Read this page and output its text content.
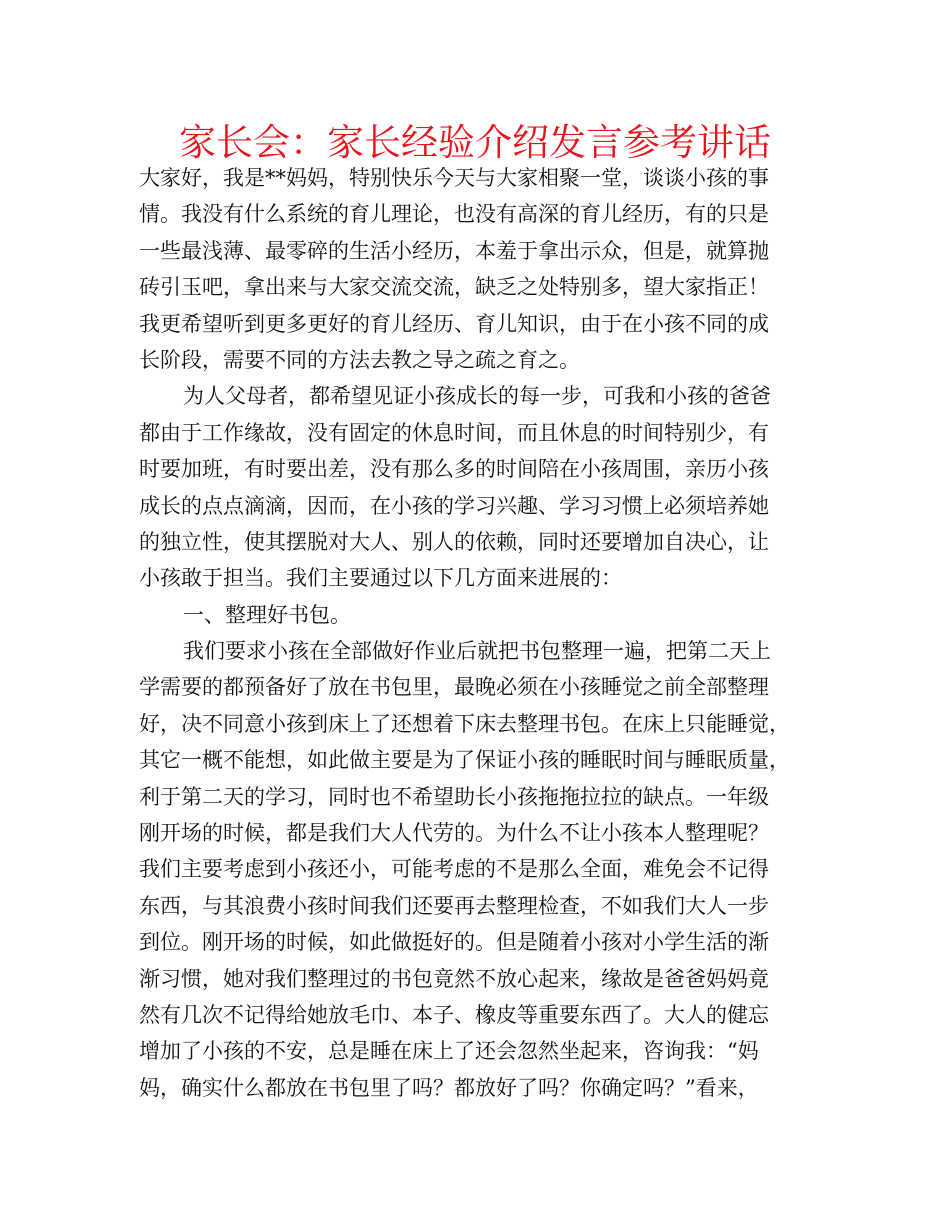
家长会：家长经验介绍发言参考讲话
大家好，我是**妈妈，特别快乐今天与大家相聚一堂，谈谈小孩的事
情。我没有什么系统的育儿理论，也没有高深的育儿经历，有的只是
一些最浅薄、最零碎的生活小经历，本羞于拿出示众，但是，就算抛
砖引玉吧，拿出来与大家交流交流，缺乏之处特别多，望大家指正！
我更希望听到更多更好的育儿经历、育儿知识，由于在小孩不同的成
长阶段，需要不同的方法去教之导之疏之育之。
为人父母者，都希望见证小孩成长的每一步，可我和小孩的爸爸
都由于工作缘故，没有固定的休息时间，而且休息的时间特别少，有
时要加班，有时要出差，没有那么多的时间陪在小孩周围，亲历小孩
成长的点点滴滴，因而，在小孩的学习兴趣、学习习惯上必须培养她
的独立性，使其摆脱对大人、别人的依赖，同时还要增加自决心，让
小孩敢于担当。我们主要通过以下几方面来进展的：
一、整理好书包。
我们要求小孩在全部做好作业后就把书包整理一遍，把第二天上
学需要的都预备好了放在书包里，最晚必须在小孩睡觉之前全部整理
好，决不同意小孩到床上了还想着下床去整理书包。在床上只能睡觉，
其它一概不能想，如此做主要是为了保证小孩的睡眠时间与睡眠质量，
利于第二天的学习，同时也不希望助长小孩拖拖拉拉的缺点。一年级
刚开场的时候，都是我们大人代劳的。为什么不让小孩本人整理呢？
我们主要考虑到小孩还小，可能考虑的不是那么全面，难免会不记得
东西，与其浪费小孩时间我们还要再去整理检查，不如我们大人一步
到位。刚开场的时候，如此做挺好的。但是随着小孩对小学生活的渐
渐习惯，她对我们整理过的书包竟然不放心起来，缘故是爸爸妈妈竟
然有几次不记得给她放毛巾、本子、橡皮等重要东西了。大人的健忘
增加了小孩的不安，总是睡在床上了还会忽然坐起来，咨询我：“妈
妈，确实什么都放在书包里了吗？都放好了吗？你确定吗？”看来，
